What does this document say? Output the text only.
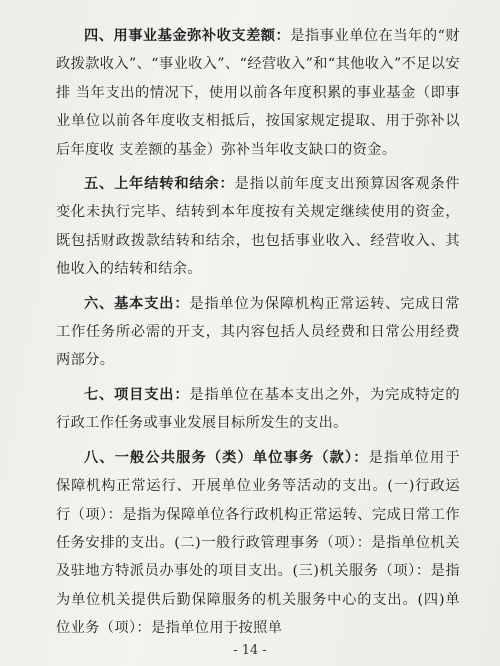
四、用事业基金弥补收支差额：是指事业单位在当年的“财政拨款收入”、“事业收入”、“经营收入”和“其他收入”不足以安排 当年支出的情况下，使用以前各年度积累的事业基金（即事业单位以前各年度收支相抵后，按国家规定提取、用于弥补以后年度收 支差额的基金）弥补当年收支缺口的资金。

五、上年结转和结余：是指以前年度支出预算因客观条件变化未执行完毕、结转到本年度按有关规定继续使用的资金，既包括财政拨款结转和结余，也包括事业收入、经营收入、其他收入的结转和结余。

六、基本支出：是指单位为保障机构正常运转、完成日常工作任务所必需的开支，其内容包括人员经费和日常公用经费两部分。

七、项目支出：是指单位在基本支出之外，为完成特定的行政工作任务或事业发展目标所发生的支出。

八、一般公共服务（类）单位事务（款）：是指单位用于 保障机构正常运行、开展单位业务等活动的支出。(一)行政运行（项）：是指为保障单位各行政机构正常运转、完成日常工作任务安排的支出。(二)一般行政管理事务（项）：是指单位机关及驻地方特派员办事处的项目支出。(三)机关服务（项）：是指为单位机关提供后勤保障服务的机关服务中心的支出。(四)单位业务（项）：是指单位用于按照单

- 14 -
